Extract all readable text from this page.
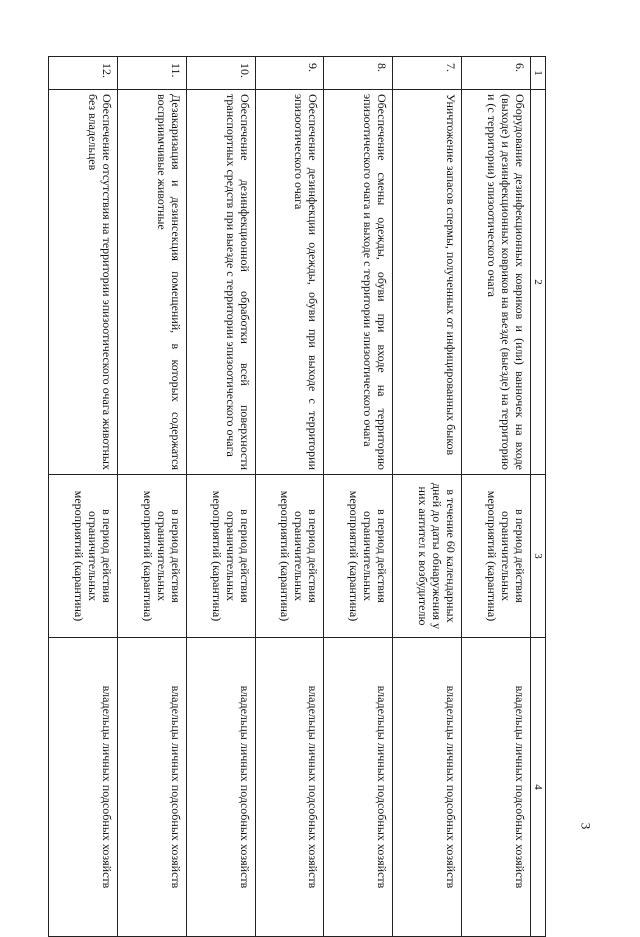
3
1	2	3	4
6.	Оборудование дезинфекционных ковриков и (или) ванночек на входе (выходе) и дезинфекционных ковриков на въезде (выезде) на территорию и (с территории) эпизоотического очага	в период действия ограничительных мероприятий (карантина)	владельцы личных подсобных хозяйств
7.	Уничтожение запасов спермы, полученных от инфицированных быков	в течение 60 календарных дней до даты обнаружения у них антител к возбудителю	владельцы личных подсобных хозяйств
8.	Обеспечение смены одежды, обуви при входе на территорию эпизоотического очага и выходе с территории эпизоотического очага	в период действия ограничительных мероприятий (карантина)	владельцы личных подсобных хозяйств
9.	Обеспечение дезинфекции одежды, обуви при выходе с территории эпизоотического очага	в период действия ограничительных мероприятий (карантина)	владельцы личных подсобных хозяйств
10.	Обеспечение дезинфекционной обработки всей поверхности транспортных средств при выезде с территории эпизоотического очага	в период действия ограничительных мероприятий (карантина)	владельцы личных подсобных хозяйств
11.	Дезакаризация и дезинсекция помещений, в которых содержатся восприимчивые животные	в период действия ограничительных мероприятий (карантина)	владельцы личных подсобных хозяйств
12.	Обеспечение отсутствия на территории эпизоотического очага животных без владельцев	в период действия ограничительных мероприятий (карантина)	владельцы личных подсобных хозяйств
